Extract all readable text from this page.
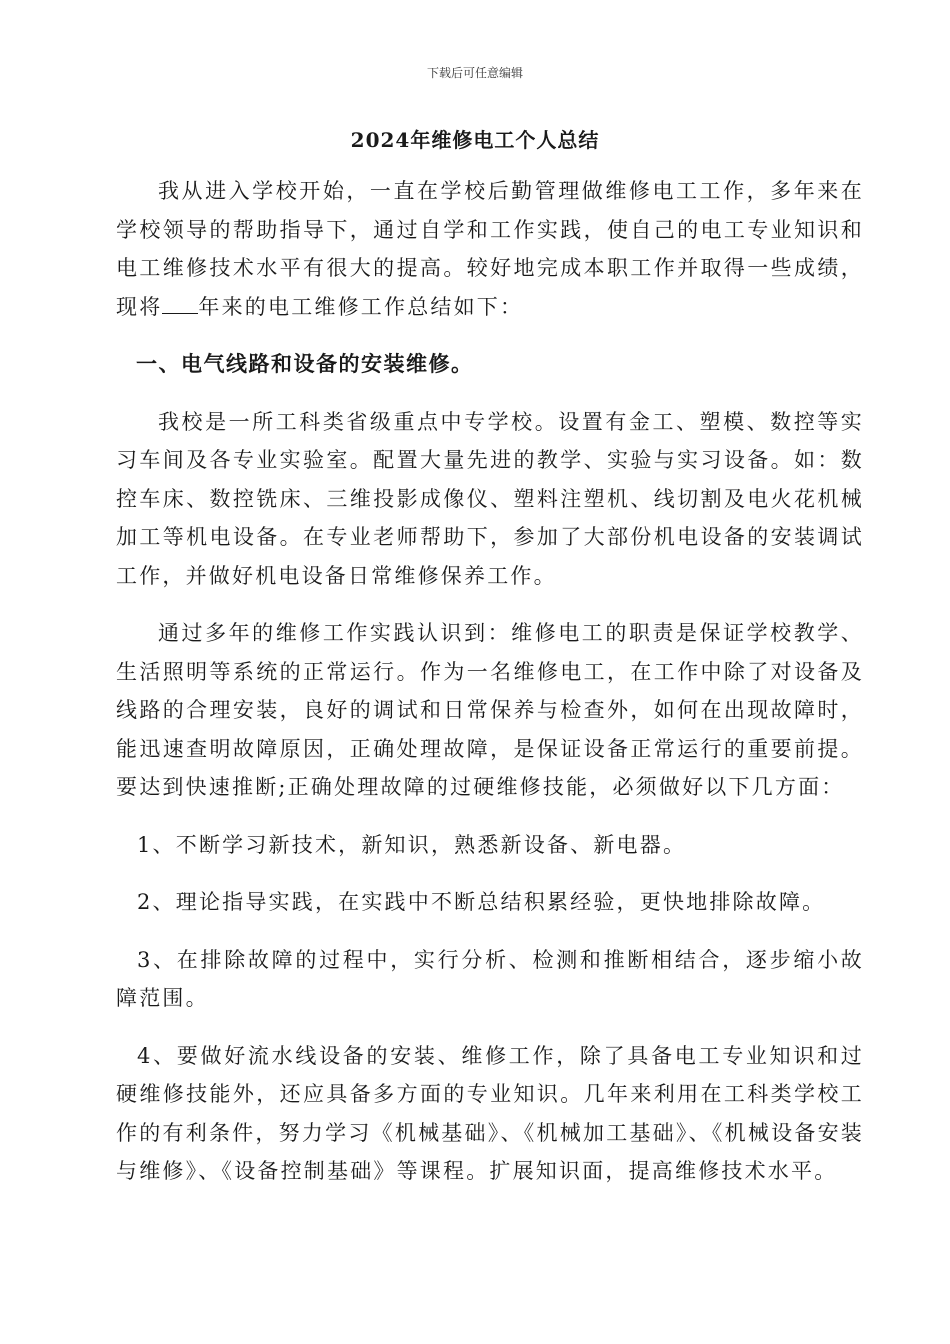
下载后可任意编辑
2024年维修电工个人总结

我从进入学校开始，一直在学校后勤管理做维修电工工作，多年来在学校领导的帮助指导下，通过自学和工作实践，使自己的电工专业知识和电工维修技术水平有很大的提高。较好地完成本职工作并取得一些成绩，现将 年来的电工维修工作总结如下：

一、电气线路和设备的安装维修。

我校是一所工科类省级重点中专学校。设置有金工、塑模、数控等实习车间及各专业实验室。配置大量先进的教学、实验与实习设备。如：数控车床、数控铣床、三维投影成像仪、塑料注塑机、线切割及电火花机械加工等机电设备。在专业老师帮助下，参加了大部份机电设备的安装调试工作，并做好机电设备日常维修保养工作。

通过多年的维修工作实践认识到：维修电工的职责是保证学校教学、生活照明等系统的正常运行。作为一名维修电工，在工作中除了对设备及线路的合理安装，良好的调试和日常保养与检查外，如何在出现故障时，能迅速查明故障原因，正确处理故障，是保证设备正常运行的重要前提。要达到快速推断;正确处理故障的过硬维修技能，必须做好以下几方面：

1、不断学习新技术，新知识，熟悉新设备、新电器。

2、理论指导实践，在实践中不断总结积累经验，更快地排除故障。

3、在排除故障的过程中，实行分析、检测和推断相结合，逐步缩小故障范围。

4、要做好流水线设备的安装、维修工作，除了具备电工专业知识和过硬维修技能外，还应具备多方面的专业知识。几年来利用在工科类学校工作的有利条件，努力学习《机械基础》、《机械加工基础》、《机械设备安装与维修》、《设备控制基础》等课程。扩展知识面，提高维修技术水平。
